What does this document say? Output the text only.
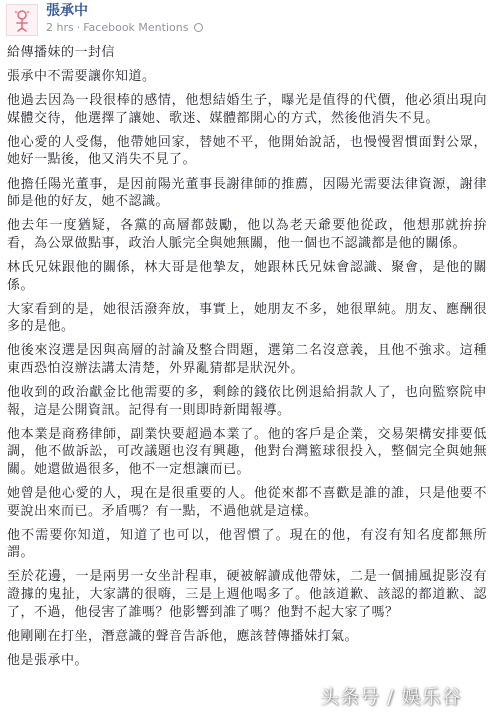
張承中
2 hrs · Facebook Mentions

給傳播妹的一封信

張承中不需要讓你知道。

他過去因為一段很棒的感情，他想結婚生子，曝光是值得的代價，他必須出現向媒體交待，他選擇了讓她、歌迷、媒體都開心的方式，然後他消失不見。

他心愛的人受傷，他帶她回家，替她不平，他開始說話，也慢慢習慣面對公眾，她好一點後，他又消失不見了。

他擔任陽光董事，是因前陽光董事長謝律師的推薦，因陽光需要法律資源，謝律師是他的好友，她不認識。

他去年一度猶疑，各黨的高層都鼓勵，他以為老天爺要他從政，他想那就拚拚看，為公眾做點事，政治人脈完全與她無關，他一個也不認識都是他的關係。

林氏兄妹跟他的關係，林大哥是他摯友，她跟林氏兄妹會認識、聚會，是他的關係。

大家看到的是，她很活潑奔放，事實上，她朋友不多，她很單純。朋友、應酬很多的是他。

他後來沒選是因與高層的討論及整合問題，選第二名沒意義，且他不強求。這種東西恐怕沒辦法講太清楚，外界亂猜都是狀況外。

他收到的政治獻金比他需要的多，剩餘的錢依比例退給捐款人了，也向監察院申報，這是公開資訊。記得有一則即時新聞報導。

他本業是商務律師，副業快要超過本業了。他的客戶是企業，交易架構安排要低調，他不做訴訟，可改議題也沒有興趣，他對台灣籃球很投入，整個完全與她無關。她還做過很多，他不一定想讓而已。

她曾是他心愛的人，現在是很重要的人。他從來都不喜歡是誰的誰，只是他要不要說出來而已。矛盾嗎？有一點，不過他就是這樣。

他不需要你知道，知道了也可以，他習慣了。現在的他，有沒有知名度都無所謂。

至於花邊，一是兩男一女坐計程車，硬被解讀成他帶妹，二是一個捕風捉影沒有證據的鬼扯，大家講的很嗨，三是上週他喝多了。他該道歉、該認的都道歉、認了，不過，他侵害了誰嗎？他影響到誰了嗎？他對不起大家了嗎？

他剛剛在打坐，潛意識的聲音告訴他，應該替傳播妹打氣。

他是張承中。

头条号 / 娛乐谷
